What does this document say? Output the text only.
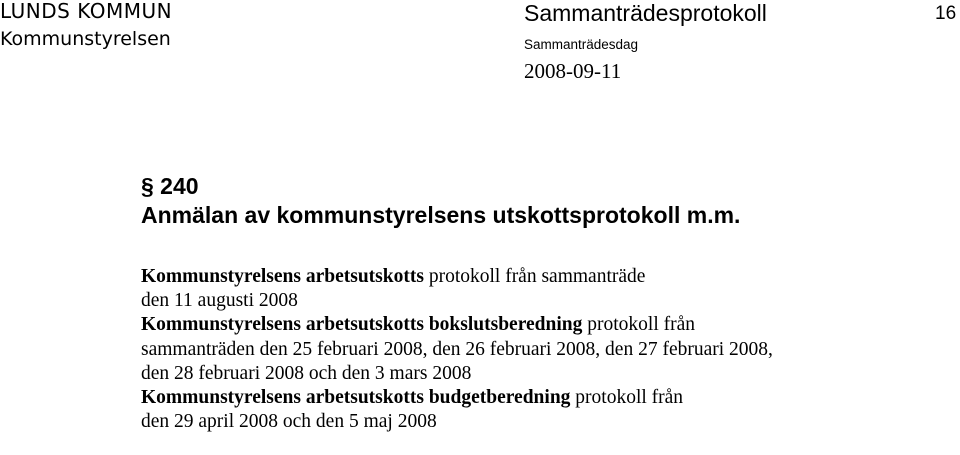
LUNDS KOMMUN
Kommunstyrelsen
Sammanträdesprotokoll
Sammanträdesdag
2008-09-11
16
§ 240
Anmälan av kommunstyrelsens utskottsprotokoll m.m.

Kommunstyrelsens arbetsutskotts protokoll från sammanträde
den 11 augusti 2008

Kommunstyrelsens arbetsutskotts bokslutsberedning protokoll från
sammanträden den 25 februari 2008, den 26 februari 2008, den 27 februari 2008,
den 28 februari 2008 och den 3 mars 2008

Kommunstyrelsens arbetsutskotts budgetberedning protokoll från
den 29 april 2008 och den 5 maj 2008
